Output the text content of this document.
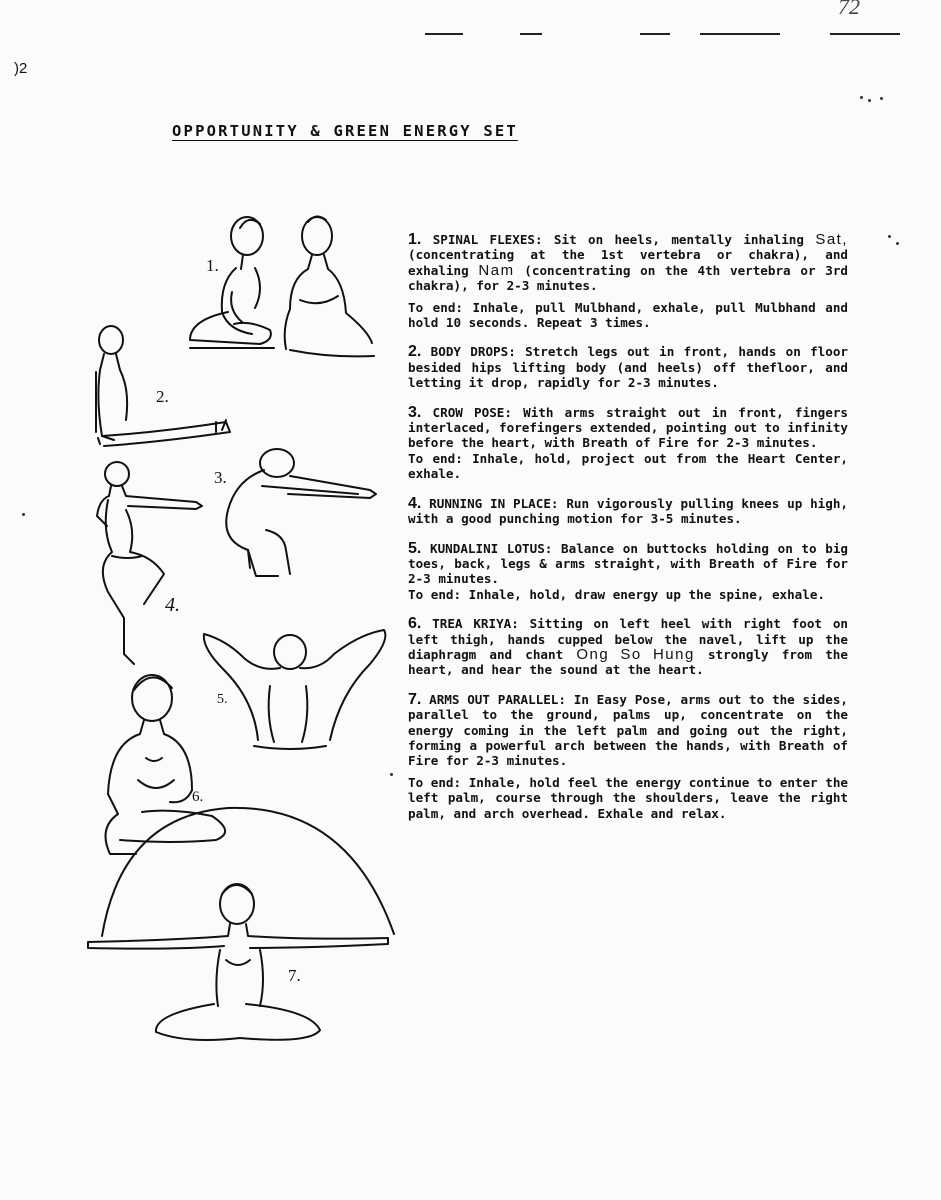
)2
72
OPPORTUNITY & GREEN ENERGY SET
1.
2.
3.
4.
5.
6.
7.

1. SPINAL FLEXES: Sit on heels, mentally inhaling Sat, (concentrating at the 1st vertebra or chakra), and exhaling Nam (concentrating on the 4th vertebra or 3rd chakra), for 2-3 minutes.

To end: Inhale, pull Mulbhand, exhale, pull Mulbhand and hold 10 seconds. Repeat 3 times.

2. BODY DROPS: Stretch legs out in front, hands on floor besided hips lifting body (and heels) off thefloor, and letting it drop, rapidly for 2-3 minutes.

3. CROW POSE: With arms straight out in front, fingers interlaced, forefingers extended, pointing out to infinity before the heart, with Breath of Fire for 2-3 minutes.

To end: Inhale, hold, project out from the Heart Center, exhale.

4. RUNNING IN PLACE: Run vigorously pulling knees up high, with a good punching motion for 3-5 minutes.

5. KUNDALINI LOTUS: Balance on buttocks holding on to big toes, back, legs & arms straight, with Breath of Fire for 2-3 minutes.

To end: Inhale, hold, draw energy up the spine, exhale.

6. TREA KRIYA: Sitting on left heel with right foot on left thigh, hands cupped below the navel, lift up the diaphragm and chant Ong So Hung strongly from the heart, and hear the sound at the heart.

7. ARMS OUT PARALLEL: In Easy Pose, arms out to the sides, parallel to the ground, palms up, concentrate on the energy coming in the left palm and going out the right, forming a powerful arch between the hands, with Breath of Fire for 2-3 minutes.

To end: Inhale, hold feel the energy continue to enter the left palm, course through the shoulders, leave the right palm, and arch overhead. Exhale and relax.
